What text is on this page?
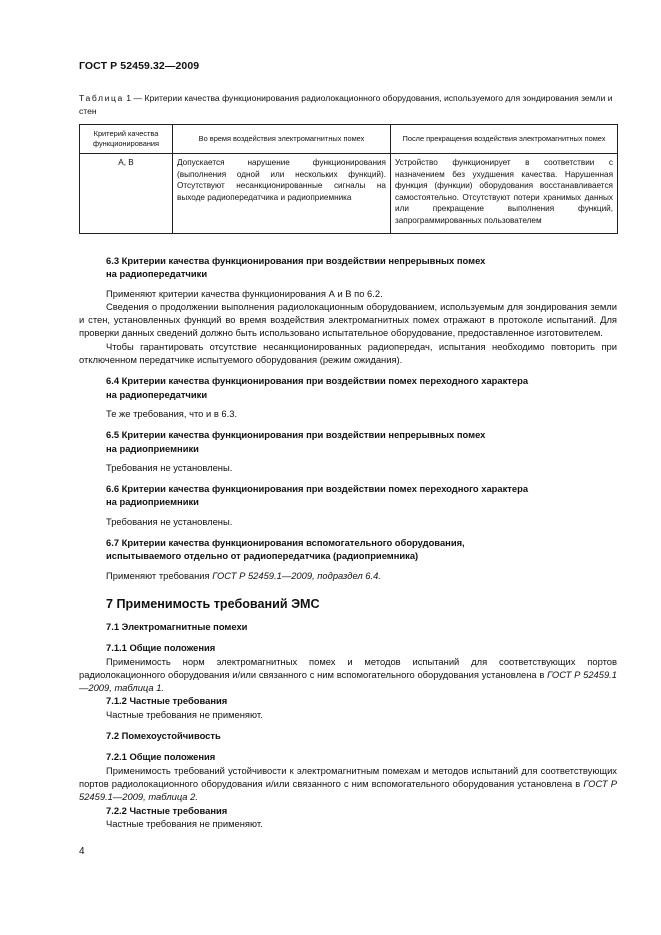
ГОСТ Р 52459.32—2009
Таблица 1 — Критерии качества функционирования радиолокационного оборудования, используемого для зондирования земли и стен
Критерий качества функционирования	Во время воздействия электромагнитных помех	После прекращения воздействия электромагнитных помех
А, В	Допускается нарушение функционирования (выполнения одной или нескольких функций). Отсутствуют несанкционированные сигналы на выходе радиопередатчика и радиоприемника	Устройство функционирует в соответствии с назначением без ухудшения качества. Нарушенная функция (функции) оборудования восстанавливается самостоятельно. Отсутствуют потери хранимых данных или прекращение выполнения функций, запрограммированных пользователем

6.3 Критерии качества функционирования при воздействии непрерывных помех
на радиопередатчики

Применяют критерии качества функционирования А и В по 6.2.

Сведения о продолжении выполнения радиолокационным оборудованием, используемым для зондирования земли и стен, установленных функций во время воздействия электромагнитных помех отражают в протоколе испытаний. Для проверки данных сведений должно быть использовано испытательное оборудование, предоставленное изготовителем.

Чтобы гарантировать отсутствие несанкционированных радиопередач, испытания необходимо повторить при отключенном передатчике испытуемого оборудования (режим ожидания).

6.4 Критерии качества функционирования при воздействии помех переходного характера
на радиопередатчики

Те же требования, что и в 6.3.

6.5 Критерии качества функционирования при воздействии непрерывных помех
на радиоприемники

Требования не установлены.

6.6 Критерии качества функционирования при воздействии помех переходного характера
на радиоприемники

Требования не установлены.

6.7 Критерии качества функционирования вспомогательного оборудования,
испытываемого отдельно от радиопередатчика (радиоприемника)

Применяют требования ГОСТ Р 52459.1—2009, подраздел 6.4.

7 Применимость требований ЭМС

7.1 Электромагнитные помехи

7.1.1 Общие положения

Применимость норм электромагнитных помех и методов испытаний для соответствующих портов радиолокационного оборудования и/или связанного с ним вспомогательного оборудования установлена в ГОСТ Р 52459.1—2009, таблица 1.

7.1.2 Частные требования

Частные требования не применяют.

7.2 Помехоустойчивость

7.2.1 Общие положения

Применимость требований устойчивости к электромагнитным помехам и методов испытаний для соответствующих портов радиолокационного оборудования и/или связанного с ним вспомогательного оборудования установлена в ГОСТ Р 52459.1—2009, таблица 2.

7.2.2 Частные требования

Частные требования не применяют.

4
